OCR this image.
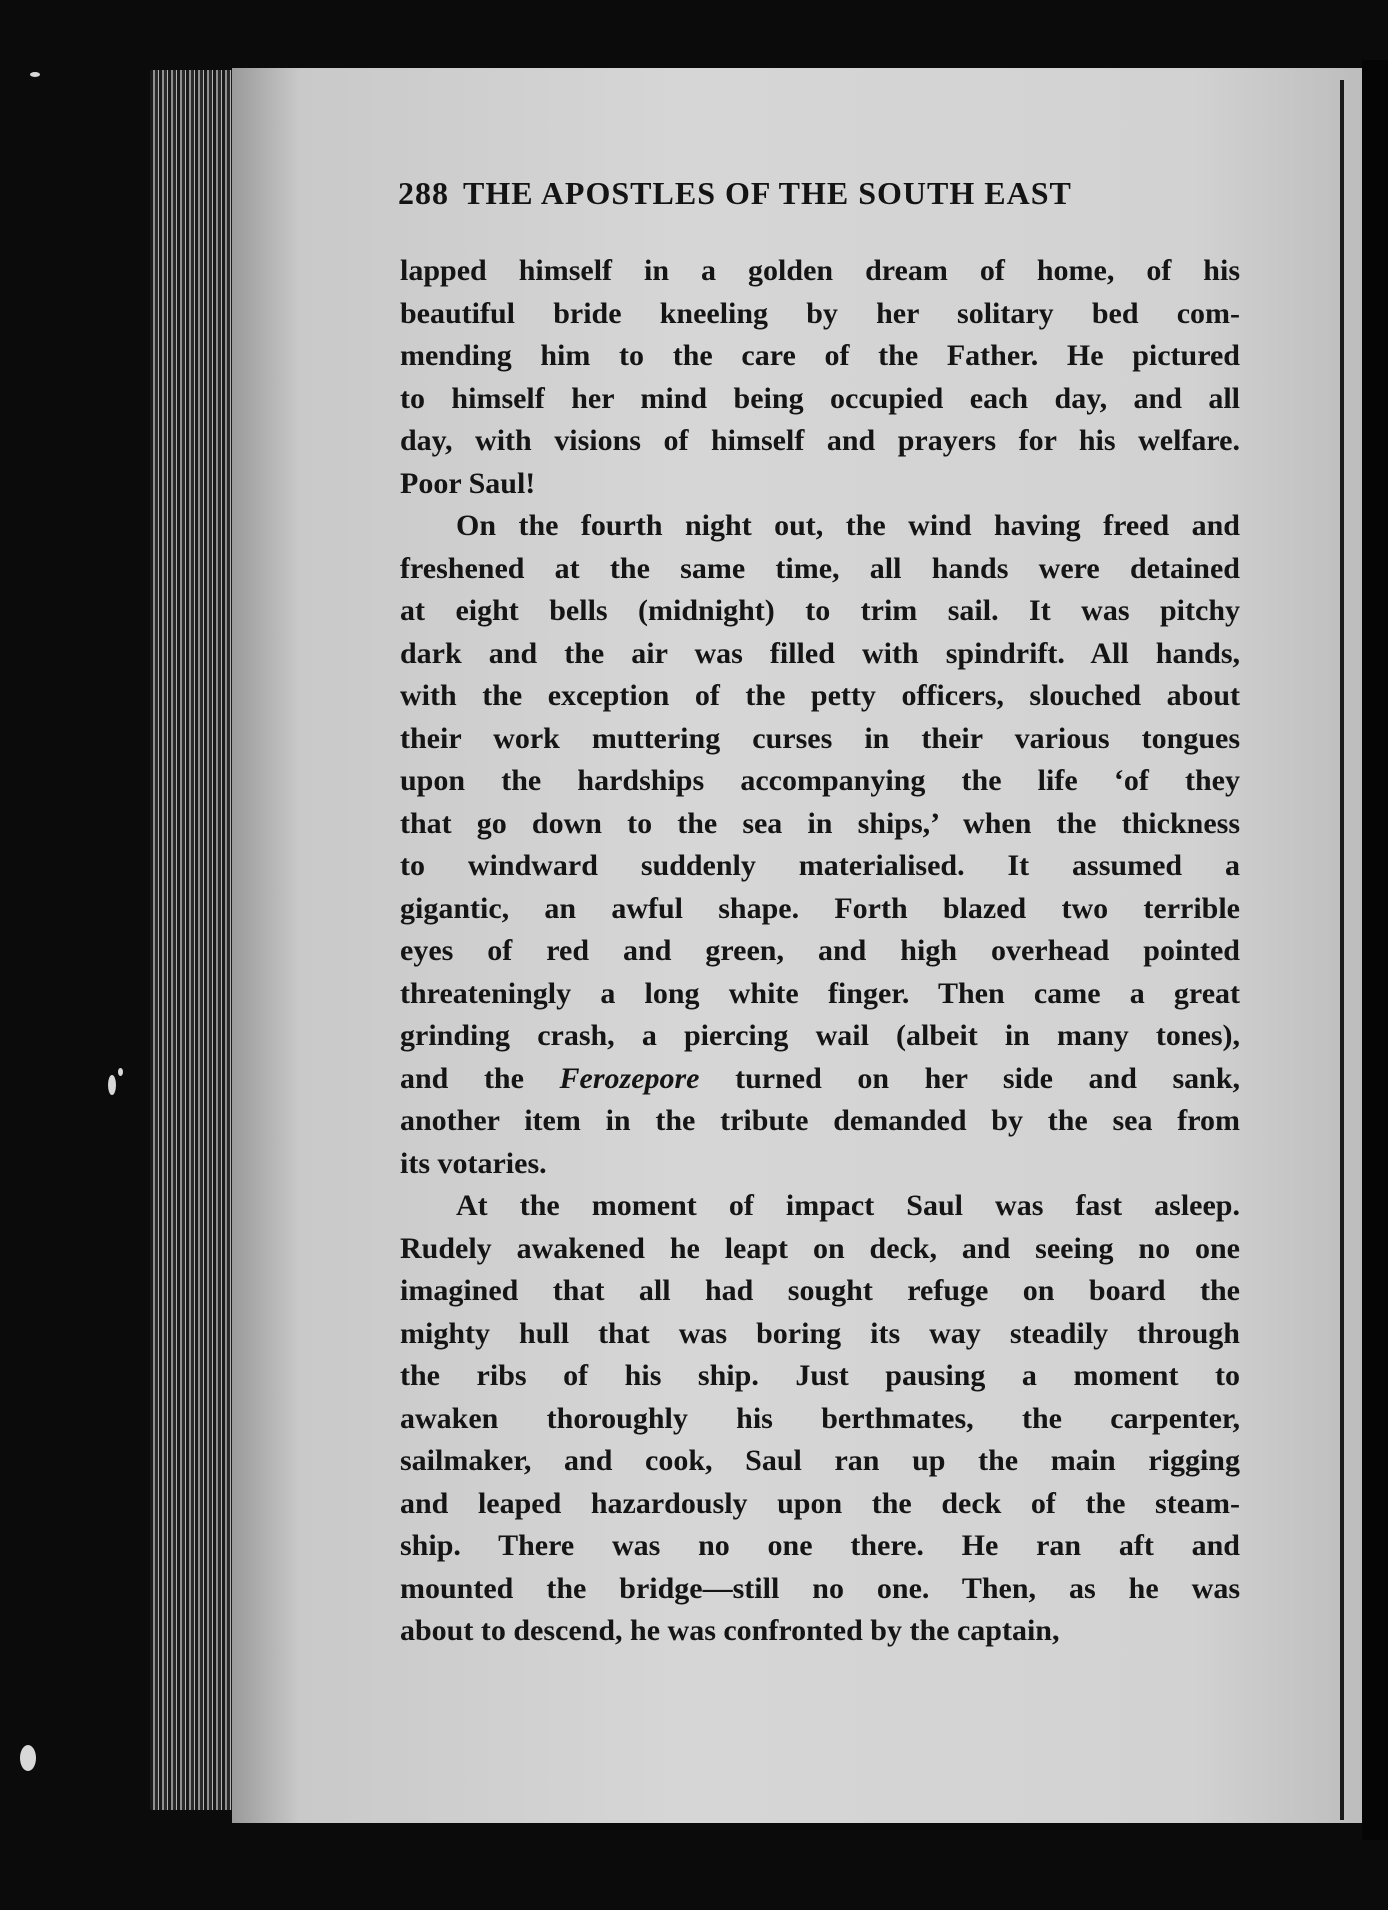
288 THE APOSTLES OF THE SOUTH EAST
lapped himself in a golden dream of home, of his
beautiful bride kneeling by her solitary bed com-
mending him to the care of the Father. He pictured
to himself her mind being occupied each day, and all
day, with visions of himself and prayers for his welfare.
Poor Saul!
On the fourth night out, the wind having freed and
freshened at the same time, all hands were detained
at eight bells (midnight) to trim sail. It was pitchy
dark and the air was filled with spindrift. All hands,
with the exception of the petty officers, slouched about
their work muttering curses in their various tongues
upon the hardships accompanying the life ‘of they
that go down to the sea in ships,’ when the thickness
to windward suddenly materialised. It assumed a
gigantic, an awful shape. Forth blazed two terrible
eyes of red and green, and high overhead pointed
threateningly a long white finger. Then came a great
grinding crash, a piercing wail (albeit in many tones),
and the Ferozepore turned on her side and sank,
another item in the tribute demanded by the sea from
its votaries.
At the moment of impact Saul was fast asleep.
Rudely awakened he leapt on deck, and seeing no one
imagined that all had sought refuge on board the
mighty hull that was boring its way steadily through
the ribs of his ship. Just pausing a moment to
awaken thoroughly his berthmates, the carpenter,
sailmaker, and cook, Saul ran up the main rigging
and leaped hazardously upon the deck of the steam-
ship. There was no one there. He ran aft and
mounted the bridge—still no one. Then, as he was
about to descend, he was confronted by the captain,
